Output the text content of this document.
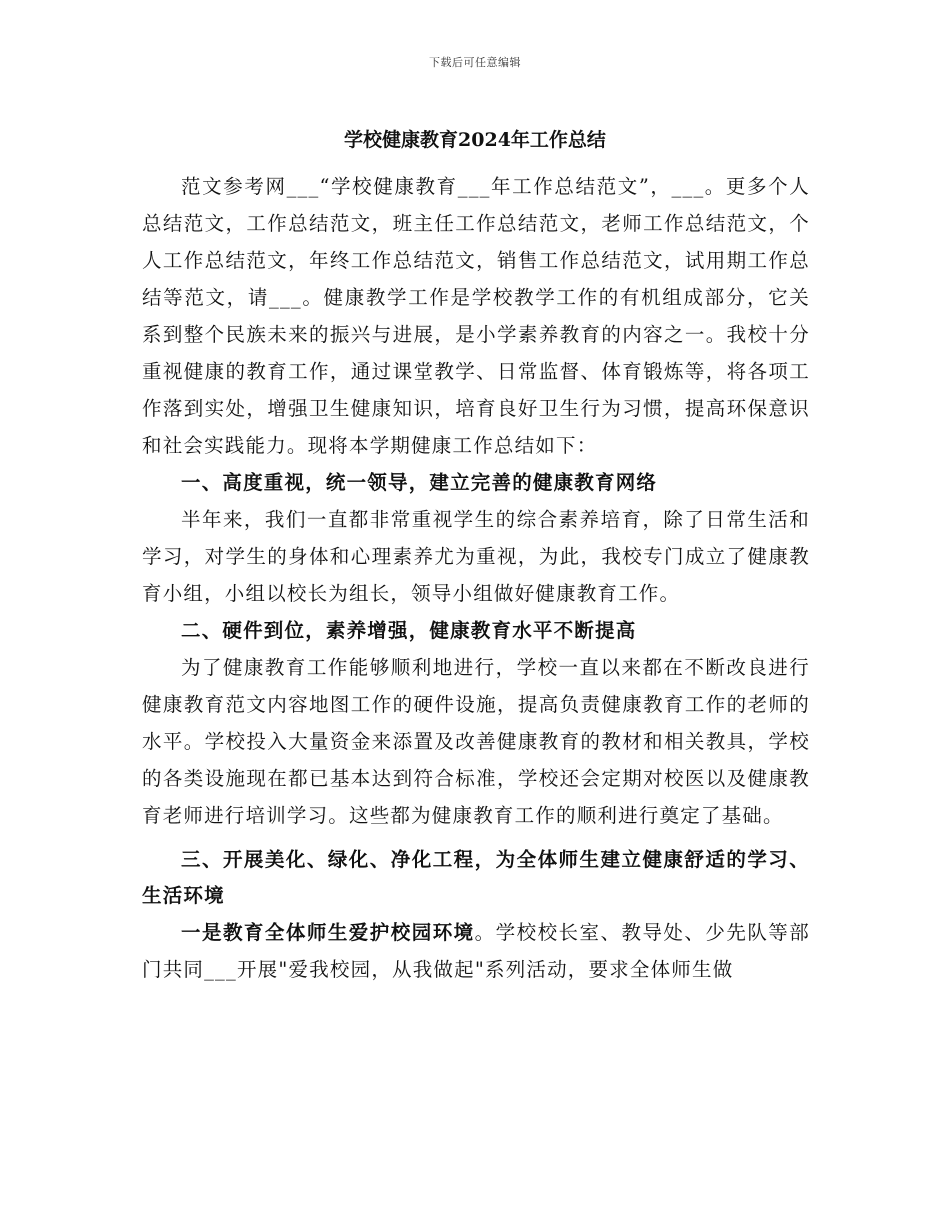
下载后可任意编辑
学校健康教育2024年工作总结

范文参考网___“学校健康教育___年工作总结范文”，___。更多个人总结范文，工作总结范文，班主任工作总结范文，老师工作总结范文，个人工作总结范文，年终工作总结范文，销售工作总结范文，试用期工作总结等范文，请___。健康教学工作是学校教学工作的有机组成部分，它关系到整个民族未来的振兴与进展，是小学素养教育的内容之一。我校十分重视健康的教育工作，通过课堂教学、日常监督、体育锻炼等，将各项工作落到实处，增强卫生健康知识，培育良好卫生行为习惯，提高环保意识和社会实践能力。现将本学期健康工作总结如下：

一、高度重视，统一领导，建立完善的健康教育网络

半年来，我们一直都非常重视学生的综合素养培育，除了日常生活和学习，对学生的身体和心理素养尤为重视，为此，我校专门成立了健康教育小组，小组以校长为组长，领导小组做好健康教育工作。

二、硬件到位，素养增强，健康教育水平不断提高

为了健康教育工作能够顺利地进行，学校一直以来都在不断改良进行健康教育范文内容地图工作的硬件设施，提高负责健康教育工作的老师的水平。学校投入大量资金来添置及改善健康教育的教材和相关教具，学校的各类设施现在都已基本达到符合标准，学校还会定期对校医以及健康教育老师进行培训学习。这些都为健康教育工作的顺利进行奠定了基础。

三、开展美化、绿化、净化工程，为全体师生建立健康舒适的学习、生活环境

一是教育全体师生爱护校园环境。学校校长室、教导处、少先队等部门共同___开展"爱我校园，从我做起"系列活动，要求全体师生做
